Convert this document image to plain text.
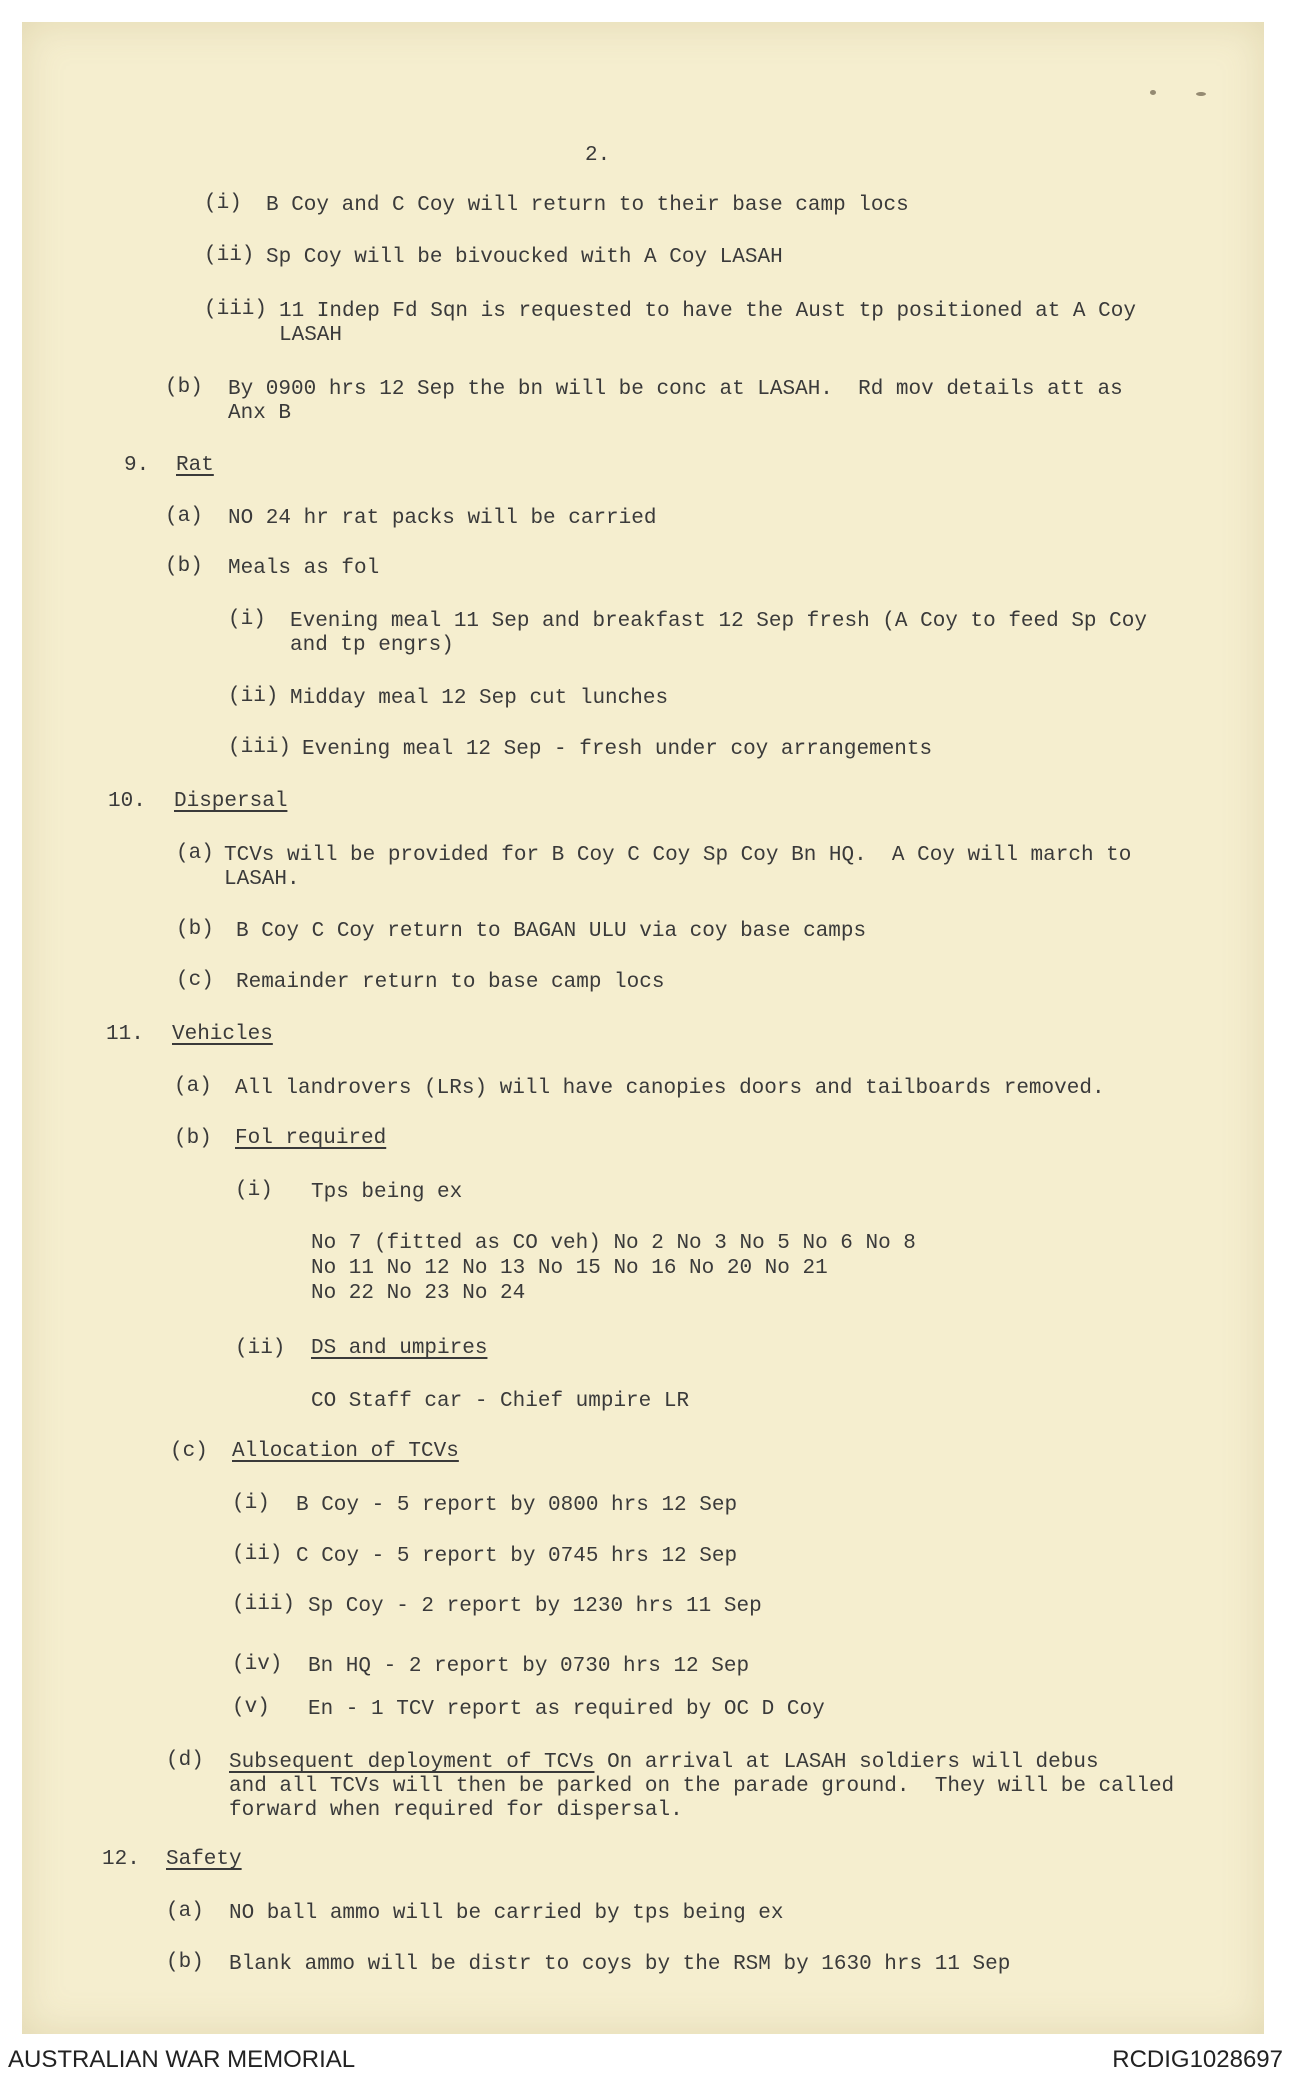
2.
(i) B Coy and C Coy will return to their base camp locs
(ii) Sp Coy will be bivoucked with A Coy LASAH
(iii) 11 Indep Fd Sqn is requested to have the Aust tp positioned at A Coy
LASAH
(b) By 0900 hrs 12 Sep the bn will be conc at LASAH.  Rd mov details att as
Anx B
9. Rat
(a) NO 24 hr rat packs will be carried
(b) Meals as fol
(i) Evening meal 11 Sep and breakfast 12 Sep fresh (A Coy to feed Sp Coy
and tp engrs)
(ii) Midday meal 12 Sep cut lunches
(iii) Evening meal 12 Sep - fresh under coy arrangements
10. Dispersal
(a) TCVs will be provided for B Coy C Coy Sp Coy Bn HQ.  A Coy will march to
LASAH.
(b) B Coy C Coy return to BAGAN ULU via coy base camps
(c) Remainder return to base camp locs
11. Vehicles
(a) All landrovers (LRs) will have canopies doors and tailboards removed.
(b) Fol required
(i) Tps being ex
No 7 (fitted as CO veh) No 2 No 3 No 5 No 6 No 8
No 11 No 12 No 13 No 15 No 16 No 20 No 21
No 22 No 23 No 24
(ii) DS and umpires
CO Staff car - Chief umpire LR
(c) Allocation of TCVs
(i) B Coy - 5 report by 0800 hrs 12 Sep
(ii) C Coy - 5 report by 0745 hrs 12 Sep
(iii) Sp Coy - 2 report by 1230 hrs 11 Sep
(iv) Bn HQ - 2 report by 0730 hrs 12 Sep
(v) En - 1 TCV report as required by OC D Coy
(d) Subsequent deployment of TCVs On arrival at LASAH soldiers will debus
and all TCVs will then be parked on the parade ground.  They will be called
forward when required for dispersal.
12. Safety
(a) NO ball ammo will be carried by tps being ex
(b) Blank ammo will be distr to coys by the RSM by 1630 hrs 11 Sep
AUSTRALIAN WAR MEMORIAL	RCDIG1028697
